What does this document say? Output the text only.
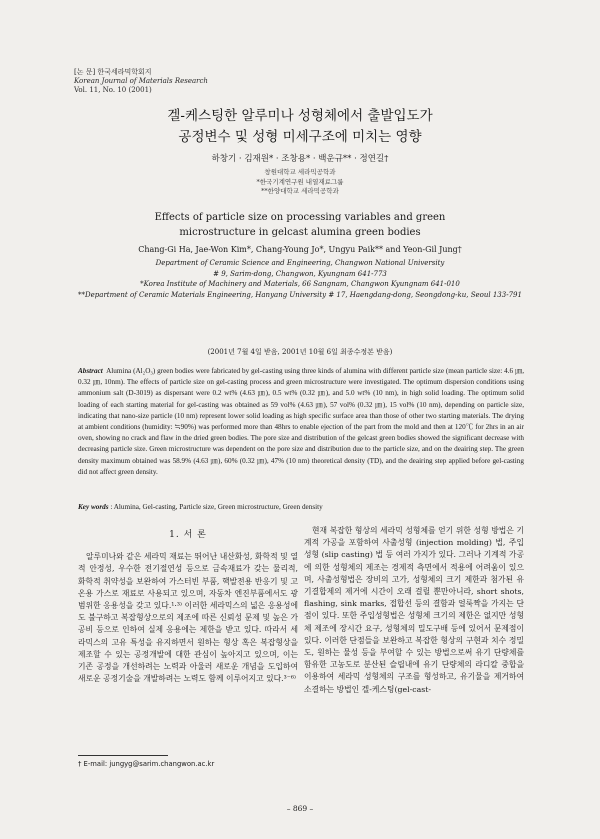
[논 문] 한국세라믹학회지
Korean Journal of Materials Research
Vol. 11, No. 10 (2001)
겔-케스팅한 알루미나 성형체에서 출발입도가
공정변수 및 성형 미세구조에 미치는 영향
하창기 · 김재원* · 조창용* · 백운규** · 정연길†
창원대학교 세라믹공학과
*한국기계연구원 내열재료그룹
**한양대학교 세라믹공학과
Effects of particle size on processing variables and green
microstructure in gelcast alumina green bodies
Chang-Gi Ha, Jae-Won Kim*, Chang-Young Jo*, Ungyu Paik** and Yeon-Gil Jung†
Department of Ceramic Science and Engineering, Changwon National University
# 9, Sarim-dong, Changwon, Kyungnam 641-773
*Korea Institute of Machinery and Materials, 66 Sangnam, Changwon Kyungnam 641-010
**Department of Ceramic Materials Engineering, Hanyang University # 17, Haengdang-dong, Seongdong-ku, Seoul 133-791
(2001년 7월 4일 받음, 2001년 10월 6일 최종수정본 받음)
Abstract Alumina (Al₂O₃) green bodies were fabricated by gel-casting using three kinds of alumina with different particle size (mean particle size: 4.6 ㎛, 0.32 ㎛, 10nm). The effects of particle size on gel-casting process and green microstructure were investigated. The optimum dispersion conditions using ammonium salt (D-3019) as dispersant were 0.2 wt% (4.63 ㎛), 0.5 wt% (0.32 ㎛), and 5.0 wt% (10 nm), in high solid loading. The optimum solid loading of each starting material for gel-casting was obtained as 59 vol% (4.63 ㎛), 57 vol% (0.32 ㎛), 15 vol% (10 nm), depending on particle size, indicating that nano-size particle (10 nm) represent lower solid loading as high specific surface area than those of other two starting materials. The drying at ambient conditions (humidity: ≒90%) was performed more than 48hrs to enable ejection of the part from the mold and then at 120℃ for 2hrs in an air oven, showing no crack and flaw in the dried green bodies. The pore size and distribution of the gelcast green bodies showed the significant decrease with decreasing particle size. Green microstructure was dependent on the pore size and distribution due to the particle size, and on the deairing step. The green density maximum obtained was 58.9% (4.63 ㎛), 60% (0.32 ㎛), 47% (10 nm) theoretical density (TD), and the deairing step applied before gel-casting did not affect green density.
Key words : Alumina, Gel-casting, Particle size, Green microstructure, Green density
1. 서 론

알루미나와 같은 세라믹 재료는 뛰어난 내산화성, 화학적 및 열적 안정성, 우수한 전기절연성 등으로 금속재료가 갖는 물리적, 화학적 취약성을 보완하여 가스터빈 부품, 핵발전용 반응기 및 고온용 가스로 재료로 사용되고 있으며, 자동차 엔진부품에서도 광범위한 응용성을 갖고 있다.¹·³⁾ 이러한 세라믹스의 넓은 응용성에도 불구하고 복잡형상으로의 제조에 따른 신뢰성 문제 및 높은 가공비 등으로 인하여 실제 응용에는 제한을 받고 있다. 따라서 세라믹스의 고유 특성을 유지하면서 원하는 형상 혹은 복잡형상을 제조할 수 있는 공정개발에 대한 관심이 높아지고 있으며, 이는 기존 공정을 개선하려는 노력과 아울러 새로운 개념을 도입하여 새로운 공정기술을 개발하려는 노력도 함께 이루어지고 있다.³⁻⁶⁾

현재 복잡한 형상의 세라믹 성형체를 얻기 위한 성형 방법은 기계적 가공을 포함하여 사출성형 (injection molding) 법, 주입성형 (slip casting) 법 등 여러 가지가 있다. 그러나 기계적 가공에 의한 성형체의 제조는 경제적 측면에서 적용에 어려움이 있으며, 사출성형법은 장비의 고가, 성형체의 크기 제한과 첨가된 유기결합제의 제거에 시간이 오래 걸릴 뿐만아니라, short shots, flashing, sink marks, 접합선 등의 결함과 얼룩짝을 가지는 단점이 있다. 또한 주입성형법은 성형체 크기의 제한은 없지만 성형체 제조에 장시간 요구, 성형체의 밀도구배 등에 있어서 문제점이 있다. 이러한 단점들을 보완하고 복잡한 형상의 구현과 치수 정밀도, 원하는 물성 등을 부여할 수 있는 방법으로써 유기 단량체를 함유한 고농도로 분산된 슬립내에 유기 단량체의 라디칼 중합을 이용하여 세라믹 성형체의 구조를 형성하고, 유기물을 제거하여 소결하는 방법인 겔-케스팅(gel-cast-

† E-mail: jungyg@sarim.changwon.ac.kr
– 869 –
